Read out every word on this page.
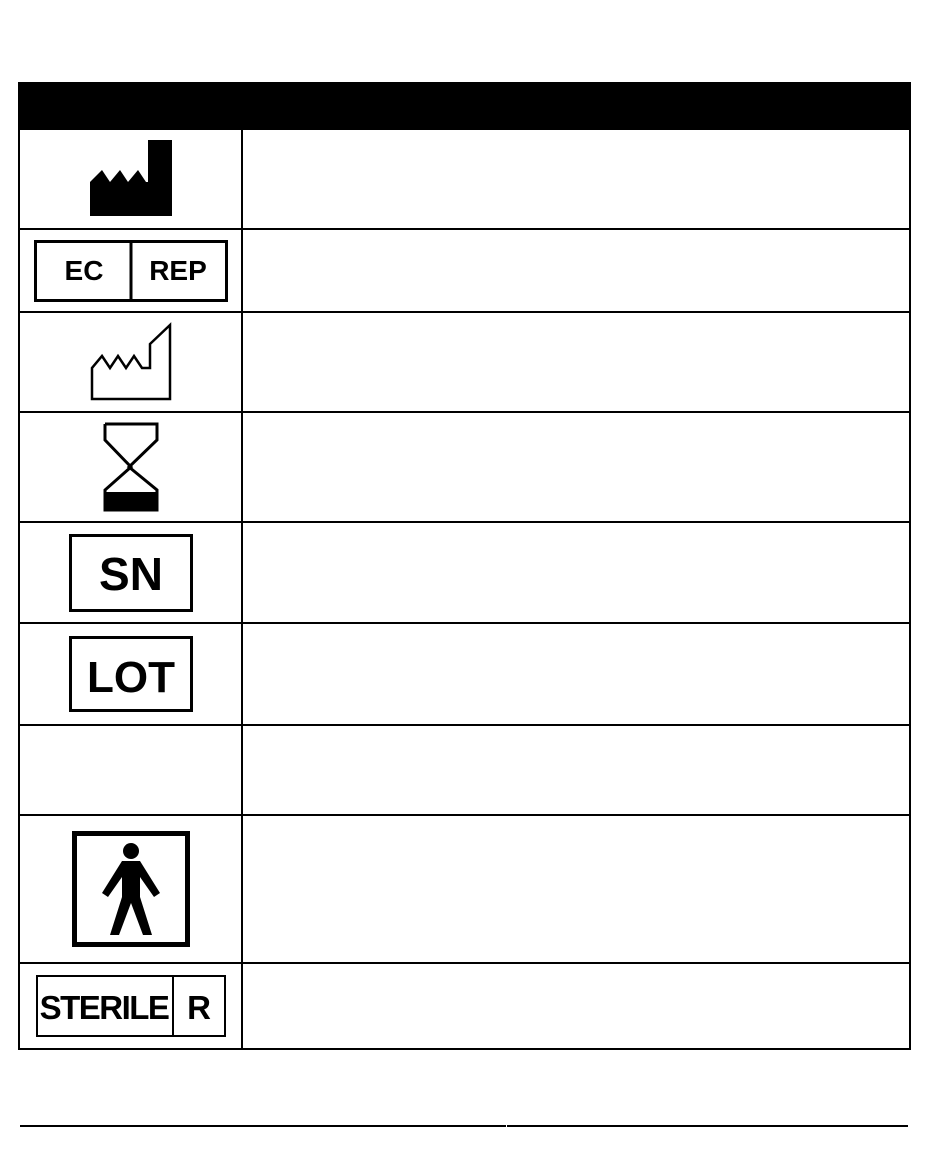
EC REP	

SN	

LOT	

STERILE R	
